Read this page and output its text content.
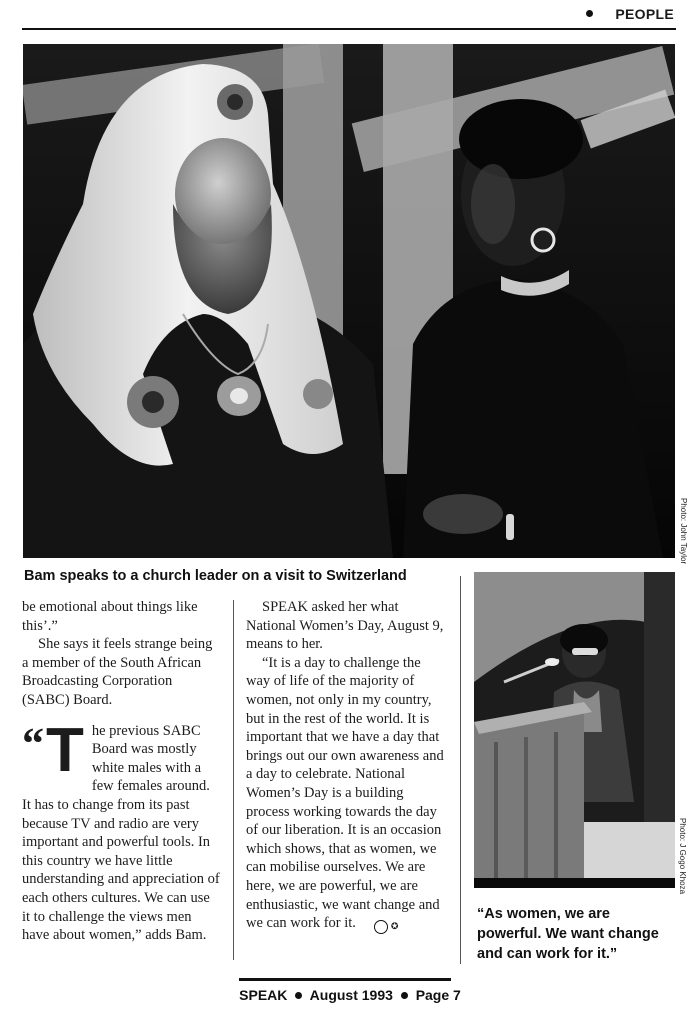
PEOPLE
Photo: John Taylor
Bam speaks to a church leader on a visit to Switzerland

be emotional about things like this’.”

She says it feels strange being a member of the South African Broadcasting Corporation (SABC) Board.

“ T he previous SABC Board was mostly white males with a few females around. It has to change from its past because TV and radio are very important and powerful tools. In this country we have little understanding and appreciation of each others cultures. We can use it to challenge the views men have about women,” adds Bam.

SPEAK asked her what National Women’s Day, August 9, means to her.

“It is a day to challenge the way of life of the majority of women, not only in my country, but in the rest of the world. It is important that we have a day that brings out our own awareness and a day to celebrate. National Women’s Day is a building process working towards the day of our liberation. It is an occasion which shows, that as women, we can mobilise ourselves. We are here, we are powerful, we are enthusiastic, we want change and we can work for it.	✪

Photo: J Gogo Khoza
“As women, we are powerful. We want change and can work for it.”
SPEAK August 1993 Page 7
